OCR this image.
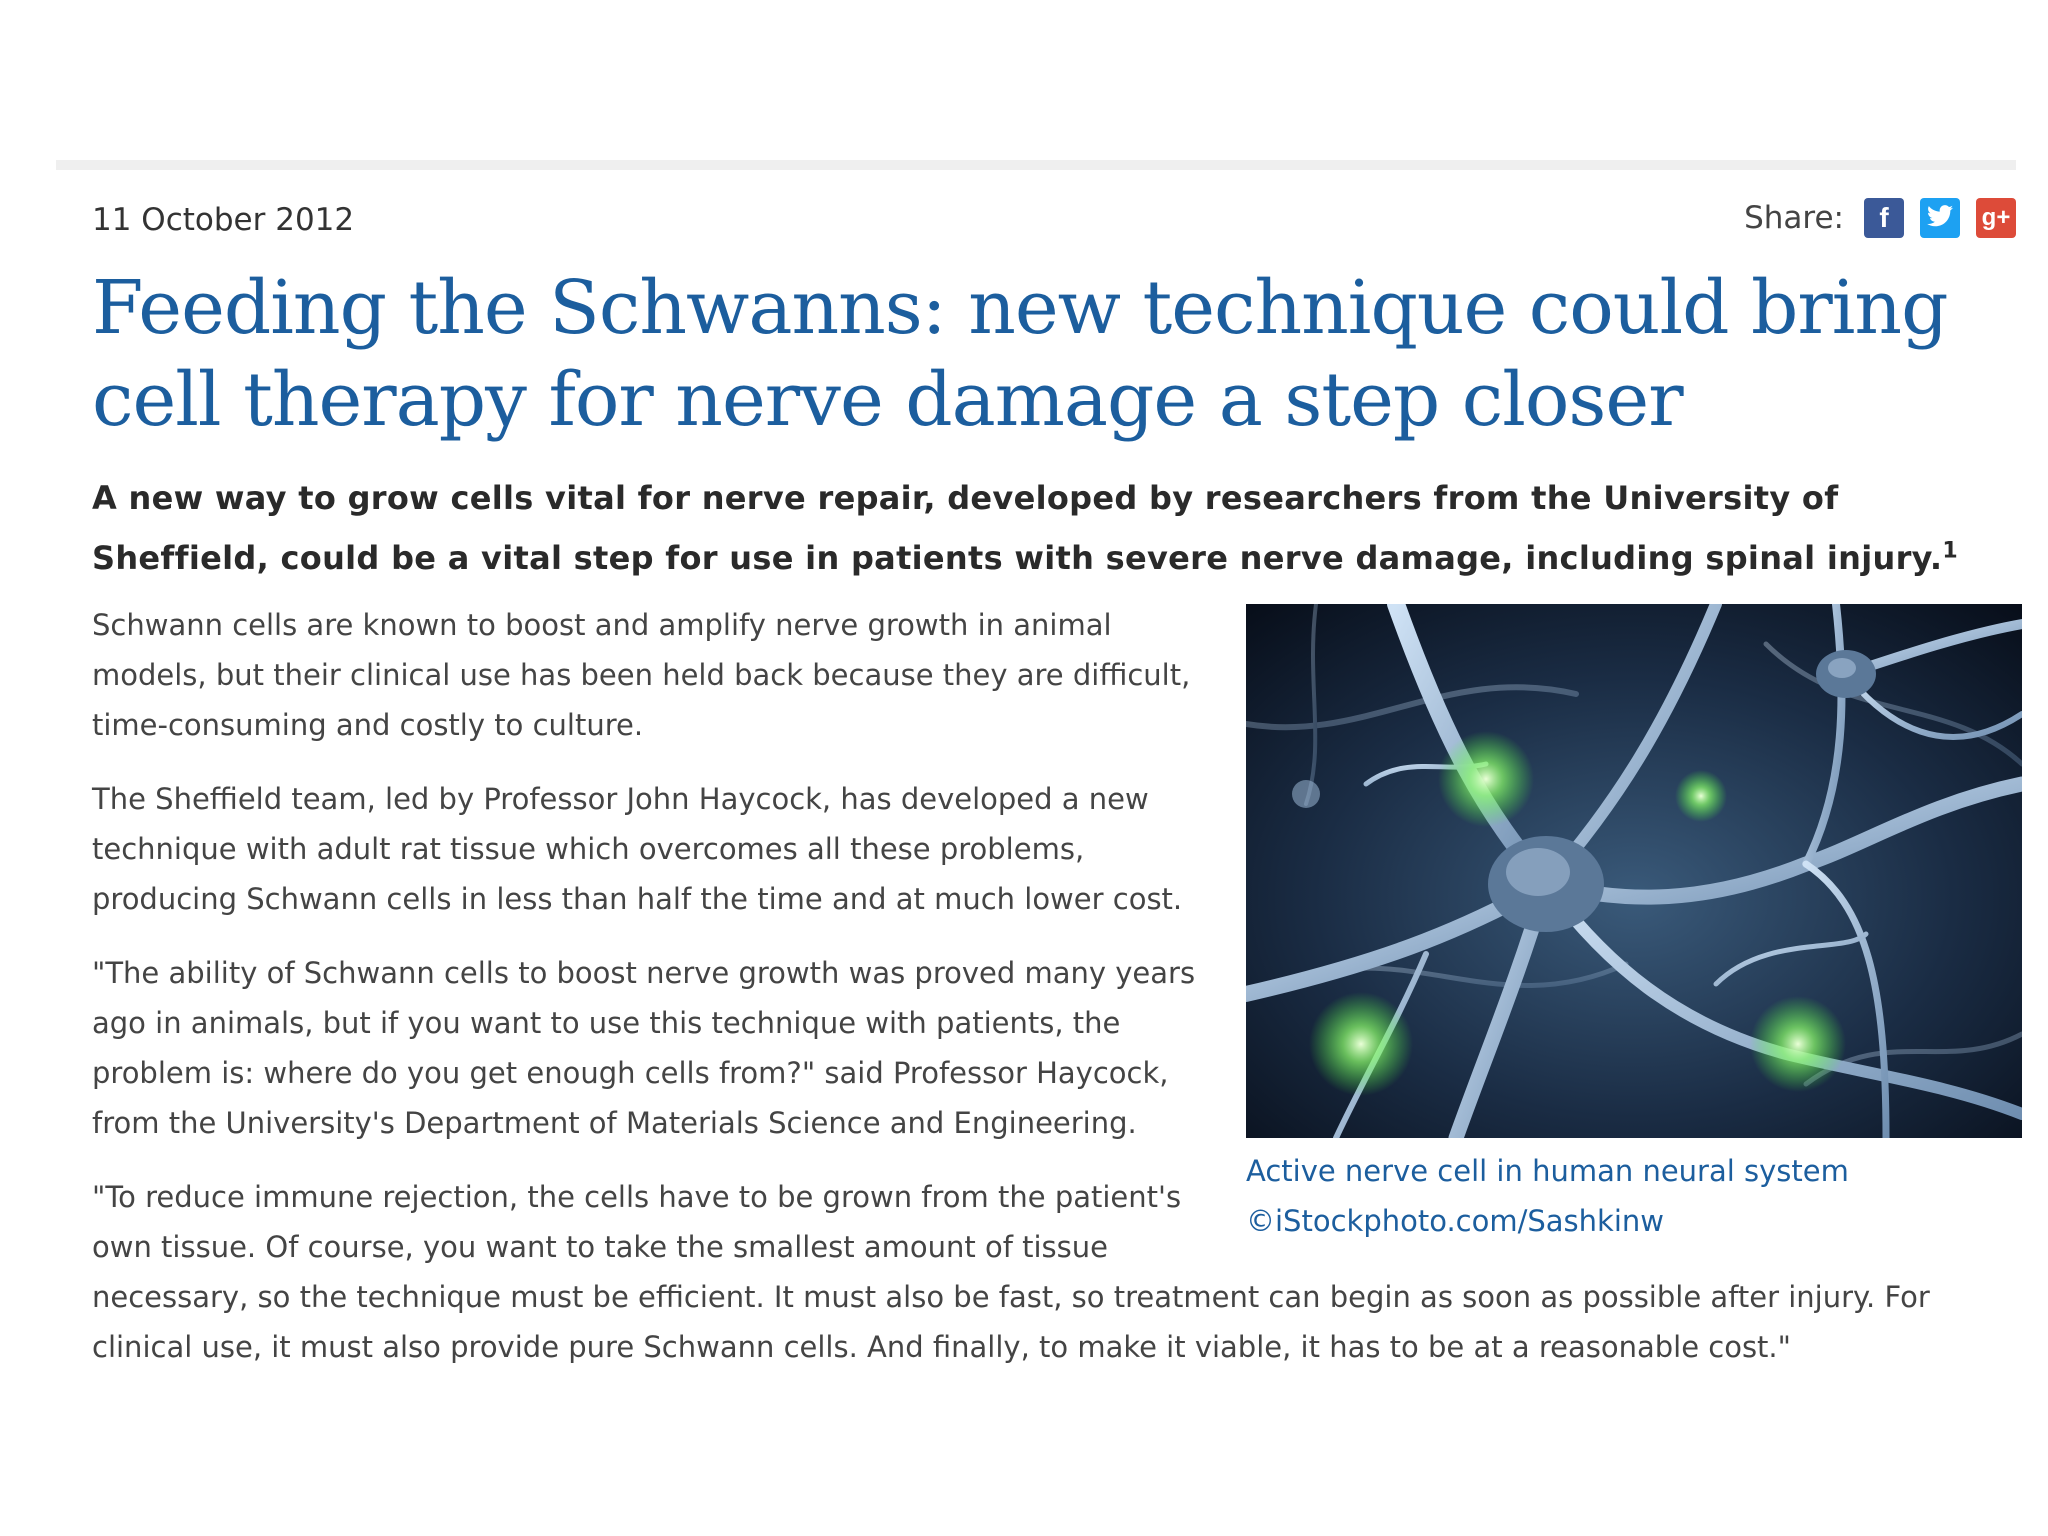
11 October 2012	Share: f	g+
Feeding the Schwanns: new technique could bring cell therapy for nerve damage a step closer

A new way to grow cells vital for nerve repair, developed by researchers from the University of Sheffield, could be a vital step for use in patients with severe nerve damage, including spinal injury.$^1$

Active nerve cell in human neural system
©iStockphoto.com/Sashkinw

Schwann cells are known to boost and amplify nerve growth in animal models, but their clinical use has been held back because they are difficult, time-consuming and costly to culture.

The Sheffield team, led by Professor John Haycock, has developed a new technique with adult rat tissue which overcomes all these problems, producing Schwann cells in less than half the time and at much lower cost.

"The ability of Schwann cells to boost nerve growth was proved many years ago in animals, but if you want to use this technique with patients, the problem is: where do you get enough cells from?" said Professor Haycock, from the University's Department of Materials Science and Engineering.

"To reduce immune rejection, the cells have to be grown from the patient's own tissue. Of course, you want to take the smallest amount of tissue necessary, so the technique must be efficient. It must also be fast, so treatment can begin as soon as possible after injury. For clinical use, it must also provide pure Schwann cells. And finally, to make it viable, it has to be at a reasonable cost."
